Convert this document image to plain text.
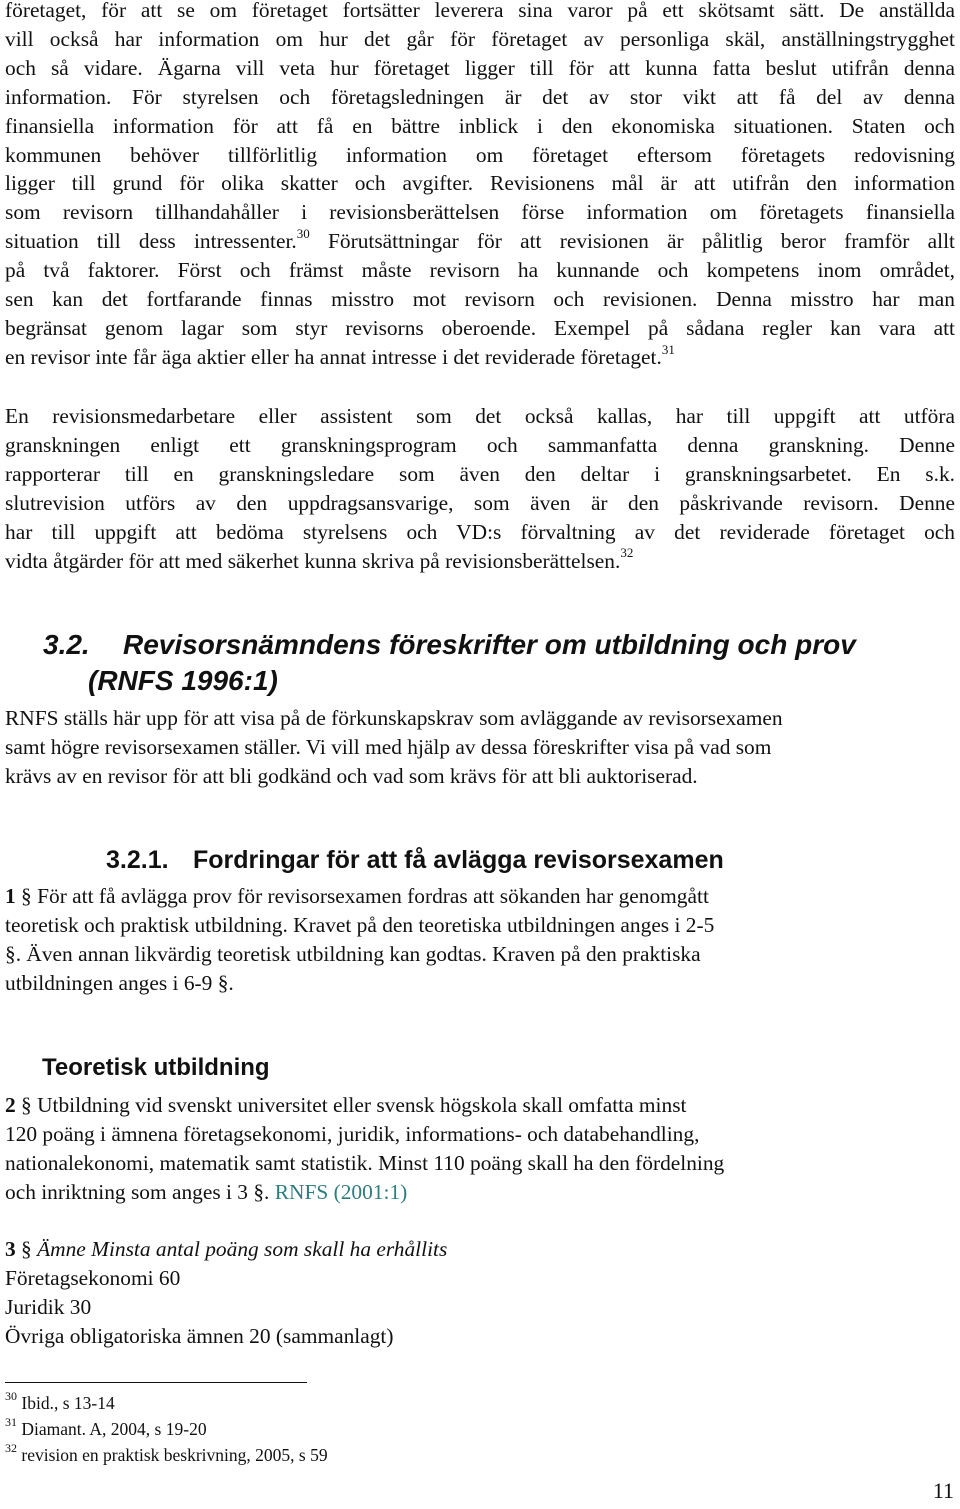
företaget, för att se om företaget fortsätter leverera sina varor på ett skötsamt sätt. De anställda
vill också har information om hur det går för företaget av personliga skäl, anställningstrygghet
och så vidare. Ägarna vill veta hur företaget ligger till för att kunna fatta beslut utifrån denna
information. För styrelsen och företagsledningen är det av stor vikt att få del av denna
finansiella information för att få en bättre inblick i den ekonomiska situationen. Staten och
kommunen behöver tillförlitlig information om företaget eftersom företagets redovisning
ligger till grund för olika skatter och avgifter. Revisionens mål är att utifrån den information
som revisorn tillhandahåller i revisionsberättelsen förse information om företagets finansiella
situation till dess intressenter.$^{30}$ Förutsättningar för att revisionen är pålitlig beror framför allt
på två faktorer. Först och främst måste revisorn ha kunnande och kompetens inom området,
sen kan det fortfarande finnas misstro mot revisorn och revisionen. Denna misstro har man
begränsat genom lagar som styr revisorns oberoende. Exempel på sådana regler kan vara att
en revisor inte får äga aktier eller ha annat intresse i det reviderade företaget.$^{31}$
En revisionsmedarbetare eller assistent som det också kallas, har till uppgift att utföra
granskningen enligt ett granskningsprogram och sammanfatta denna granskning. Denne
rapporterar till en granskningsledare som även den deltar i granskningsarbetet. En s.k.
slutrevision utförs av den uppdragsansvarige, som även är den påskrivande revisorn. Denne
har till uppgift att bedöma styrelsens och VD:s förvaltning av det reviderade företaget och
vidta åtgärder för att med säkerhet kunna skriva på revisionsberättelsen.$^{32}$
3.2. Revisorsnämndens föreskrifter om utbildning och prov
(RNFS 1996:1)
RNFS ställs här upp för att visa på de förkunskapskrav som avläggande av revisorsexamen
samt högre revisorsexamen ställer. Vi vill med hjälp av dessa föreskrifter visa på vad som
krävs av en revisor för att bli godkänd och vad som krävs för att bli auktoriserad.
3.2.1. Fordringar för att få avlägga revisorsexamen
1 § För att få avlägga prov för revisorsexamen fordras att sökanden har genomgått
teoretisk och praktisk utbildning. Kravet på den teoretiska utbildningen anges i 2-5
§. Även annan likvärdig teoretisk utbildning kan godtas. Kraven på den praktiska
utbildningen anges i 6-9 §.
Teoretisk utbildning
2 § Utbildning vid svenskt universitet eller svensk högskola skall omfatta minst
120 poäng i ämnena företagsekonomi, juridik, informations- och databehandling,
nationalekonomi, matematik samt statistik. Minst 110 poäng skall ha den fördelning
och inriktning som anges i 3 §. RNFS (2001:1)
3 § Ämne Minsta antal poäng som skall ha erhållits
Företagsekonomi 60
Juridik 30
Övriga obligatoriska ämnen 20 (sammanlagt)
$^{30}$ Ibid., s 13-14
$^{31}$ Diamant. A, 2004, s 19-20
$^{32}$ revision en praktisk beskrivning, 2005, s 59
11
